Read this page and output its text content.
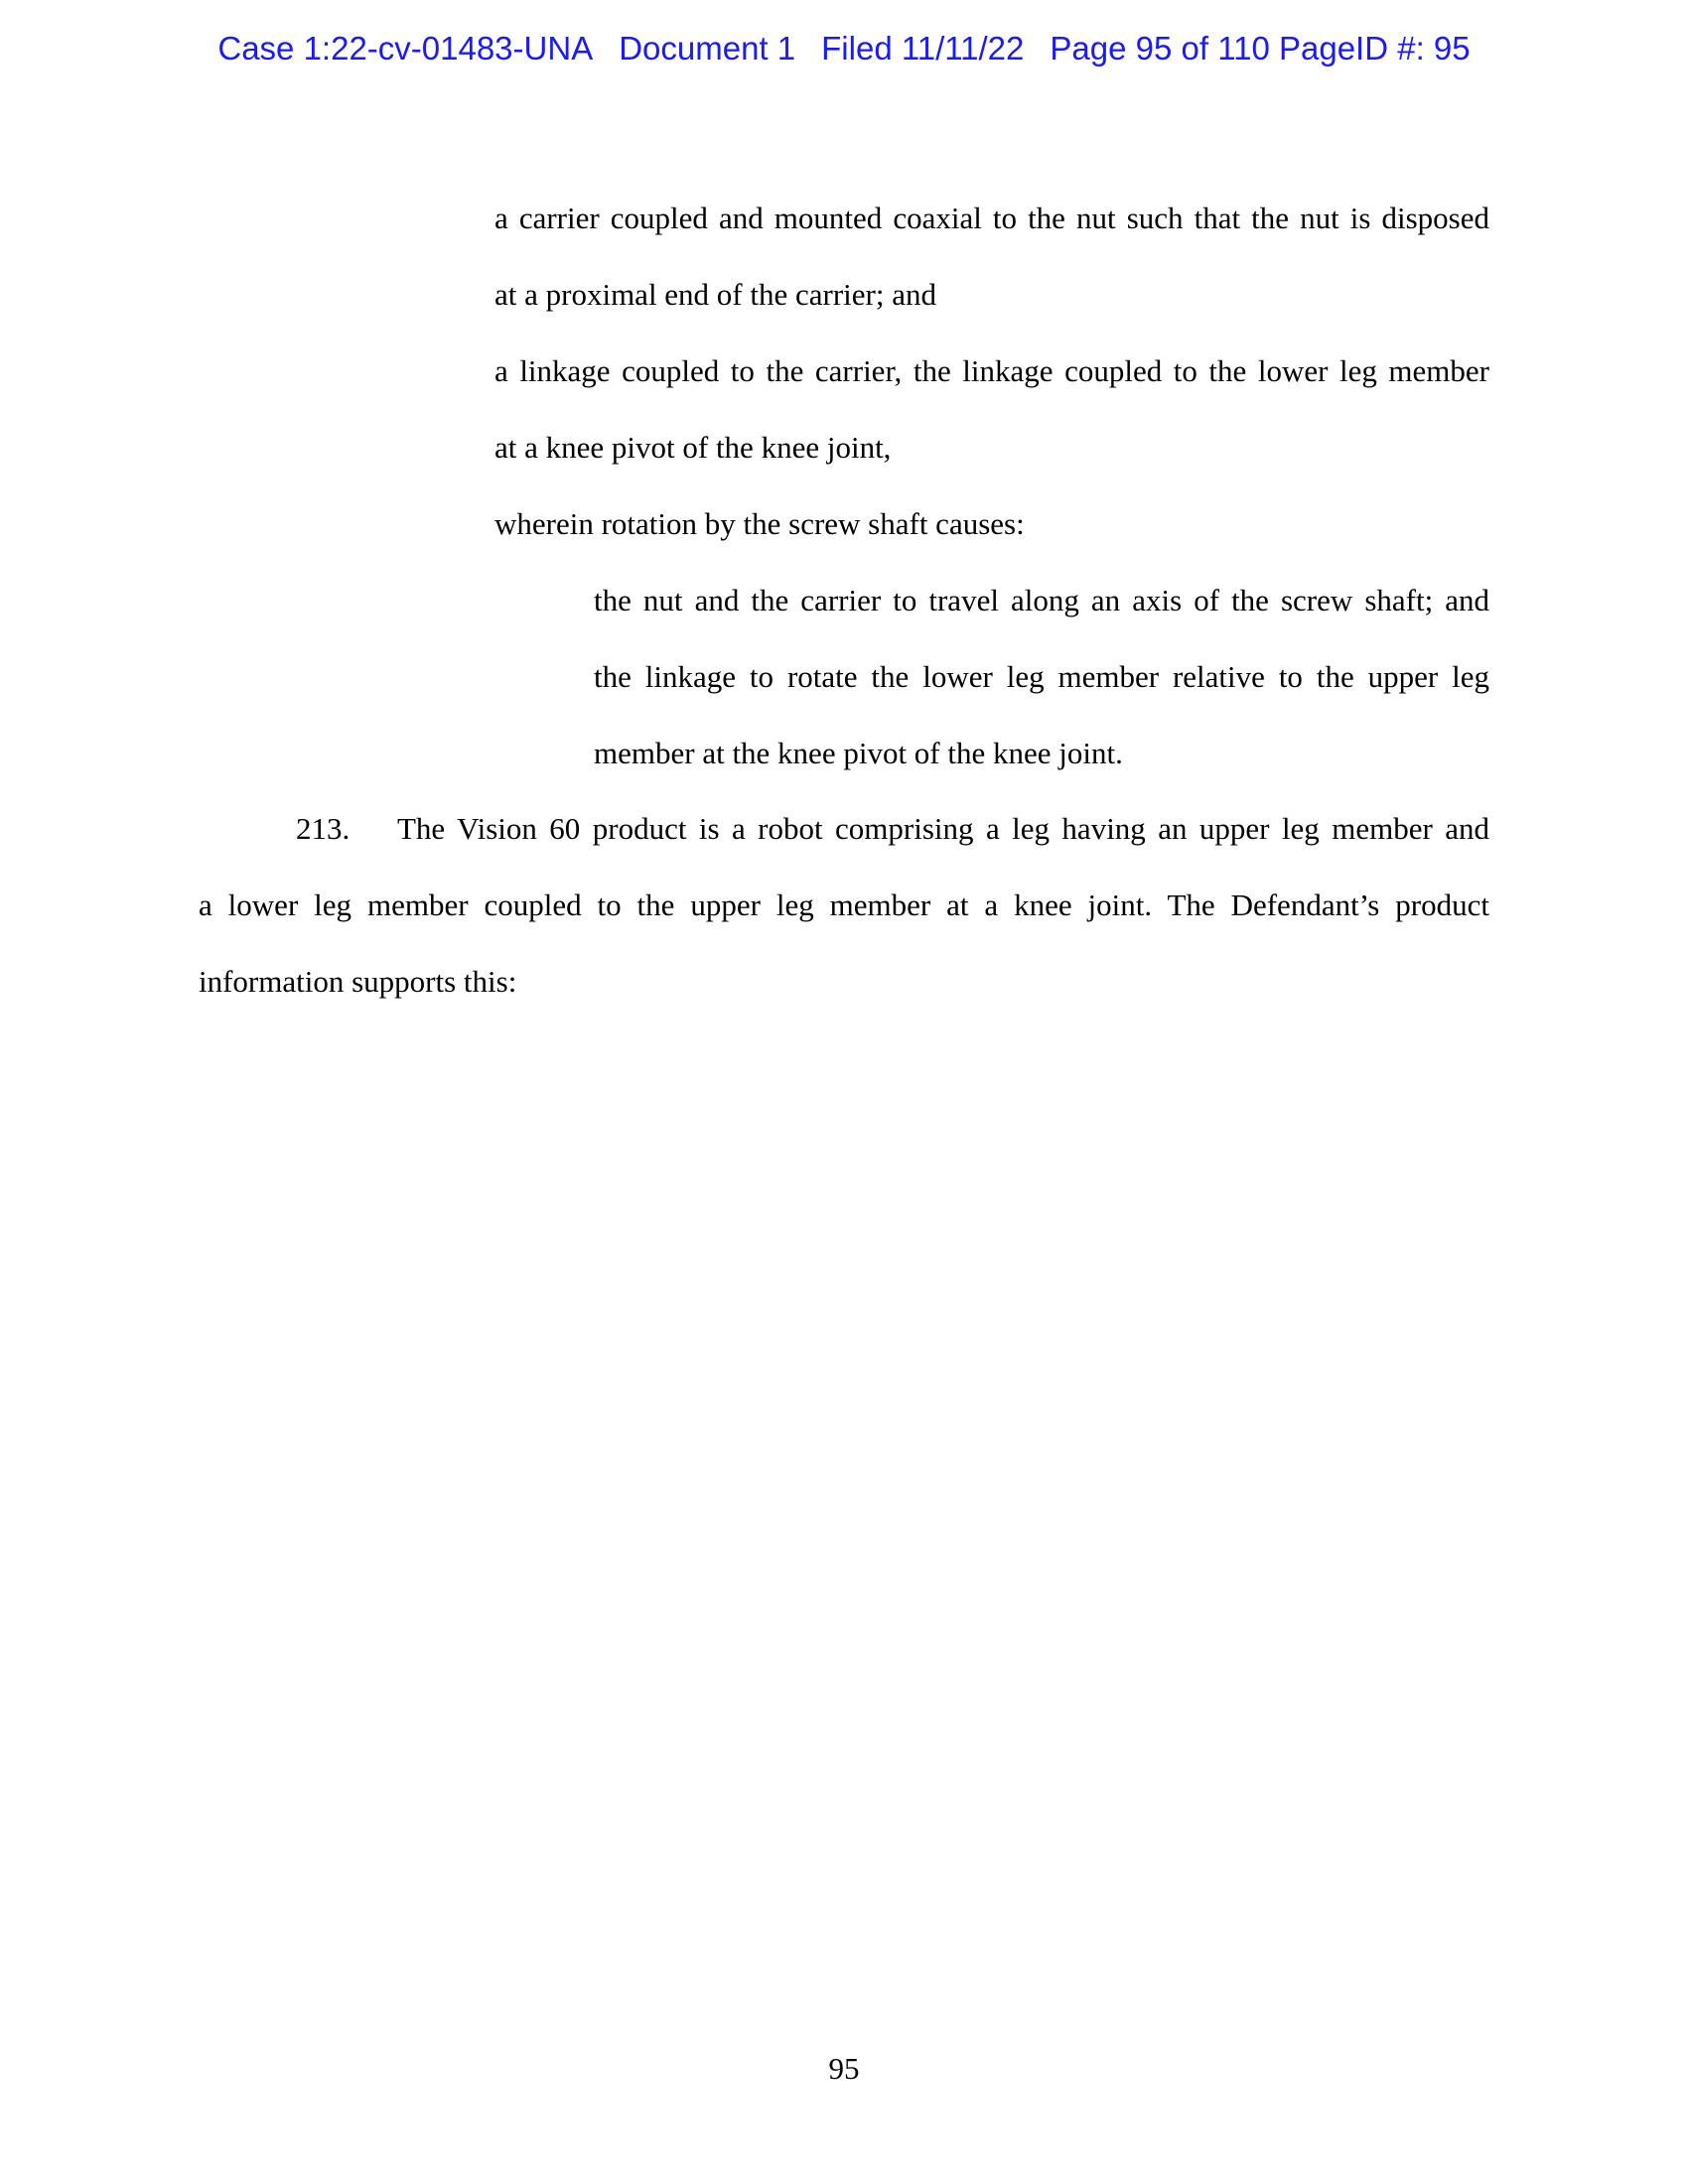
Case 1:22-cv-01483-UNA Document 1 Filed 11/11/22 Page 95 of 110 PageID #: 95
a carrier coupled and mounted coaxial to the nut such that the nut is disposed
at a proximal end of the carrier; and
a linkage coupled to the carrier, the linkage coupled to the lower leg member
at a knee pivot of the knee joint,
wherein rotation by the screw shaft causes:
the nut and the carrier to travel along an axis of the screw shaft; and
the linkage to rotate the lower leg member relative to the upper leg
member at the knee pivot of the knee joint.
213. The Vision 60 product is a robot comprising a leg having an upper leg member and
a lower leg member coupled to the upper leg member at a knee joint. The Defendant’s product
information supports this:
95
